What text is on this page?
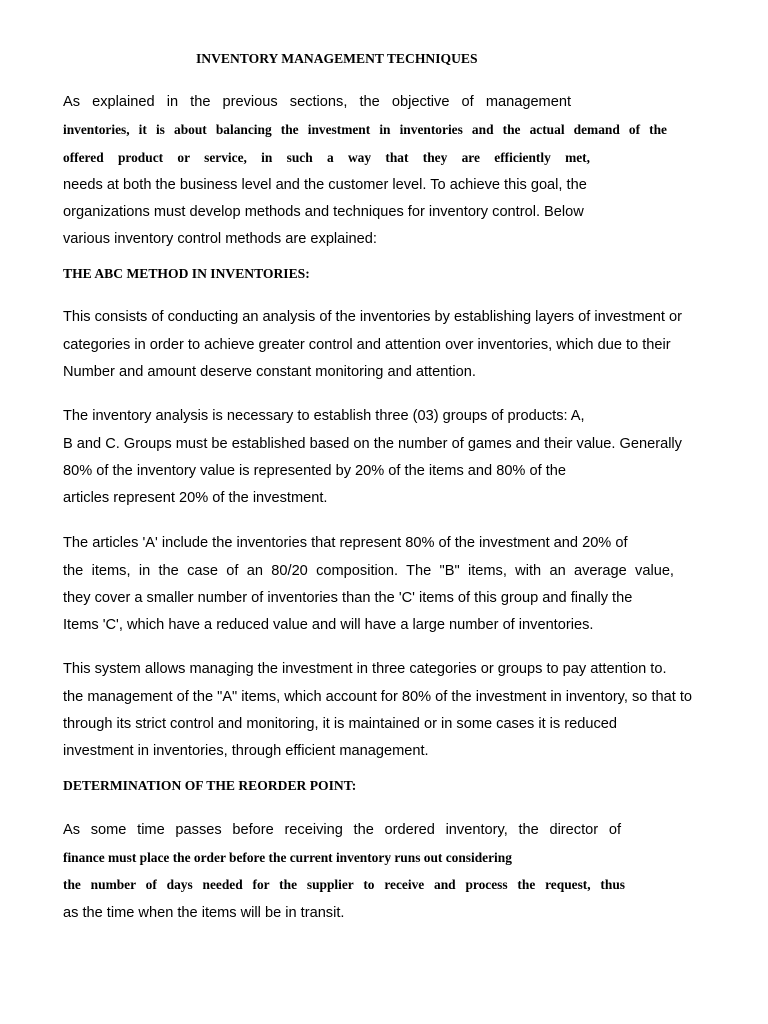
INVENTORY MANAGEMENT TECHNIQUES

As explained in the previous sections, the objective of management

inventories, it is about balancing the investment in inventories and the actual demand of the

offered product or service, in such a way that they are efficiently met,

needs at both the business level and the customer level. To achieve this goal, the

organizations must develop methods and techniques for inventory control. Below

various inventory control methods are explained:

THE ABC METHOD IN INVENTORIES:

This consists of conducting an analysis of the inventories by establishing layers of investment or

categories in order to achieve greater control and attention over inventories, which due to their

Number and amount deserve constant monitoring and attention.

The inventory analysis is necessary to establish three (03) groups of products: A,

B and C. Groups must be established based on the number of games and their value. Generally

80% of the inventory value is represented by 20% of the items and 80% of the

articles represent 20% of the investment.

The articles 'A' include the inventories that represent 80% of the investment and 20% of

the items, in the case of an 80/20 composition. The "B" items, with an average value,

they cover a smaller number of inventories than the 'C' items of this group and finally the

Items 'C', which have a reduced value and will have a large number of inventories.

This system allows managing the investment in three categories or groups to pay attention to.

the management of the "A" items, which account for 80% of the investment in inventory, so that to

through its strict control and monitoring, it is maintained or in some cases it is reduced

investment in inventories, through efficient management.

DETERMINATION OF THE REORDER POINT:

As some time passes before receiving the ordered inventory, the director of

finance must place the order before the current inventory runs out considering

the number of days needed for the supplier to receive and process the request, thus

as the time when the items will be in transit.
